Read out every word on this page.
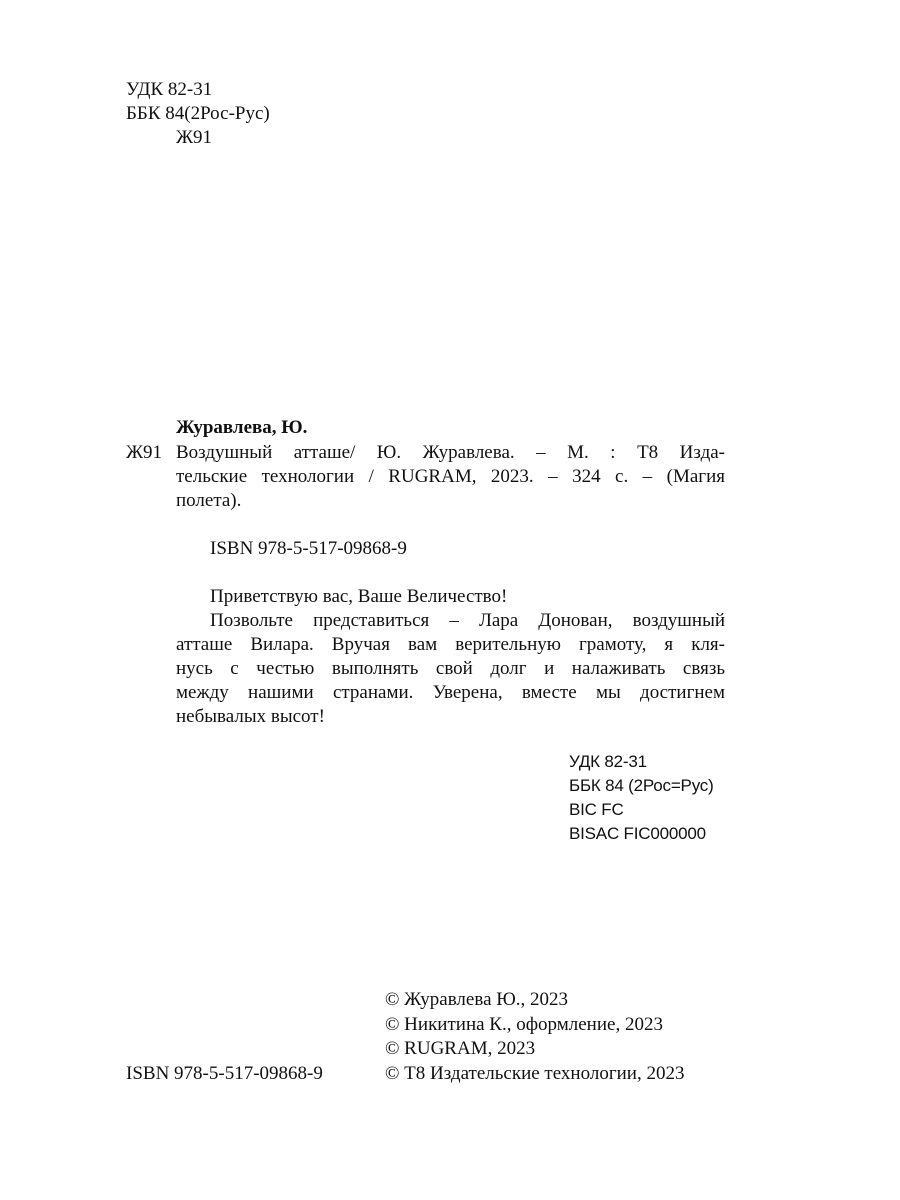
УДК 82-31
ББК 84(2Рос-Рус)
Ж91
Журавлева, Ю.
Ж91 Воздушный атташе/ Ю. Журавлева. – М. : Т8 Изда-
тельские технологии / RUGRAM, 2023. – 324 с. – (Магия
полета).
ISBN 978-5-517-09868-9
Приветствую вас, Ваше Величество!
Позвольте представиться – Лара Донован, воздушный
атташе Вилара. Вручая вам верительную грамоту, я кля-
нусь с честью выполнять свой долг и налаживать связь
между нашими странами. Уверена, вместе мы достигнем
небывалых высот!
УДК 82-31
ББК 84 (2Рос=Рус)
BIC FC
BISAC FIC000000
© Журавлева Ю., 2023
© Никитина К., оформление, 2023
© RUGRAM, 2023
ISBN 978-5-517-09868-9	© Т8 Издательские технологии, 2023
